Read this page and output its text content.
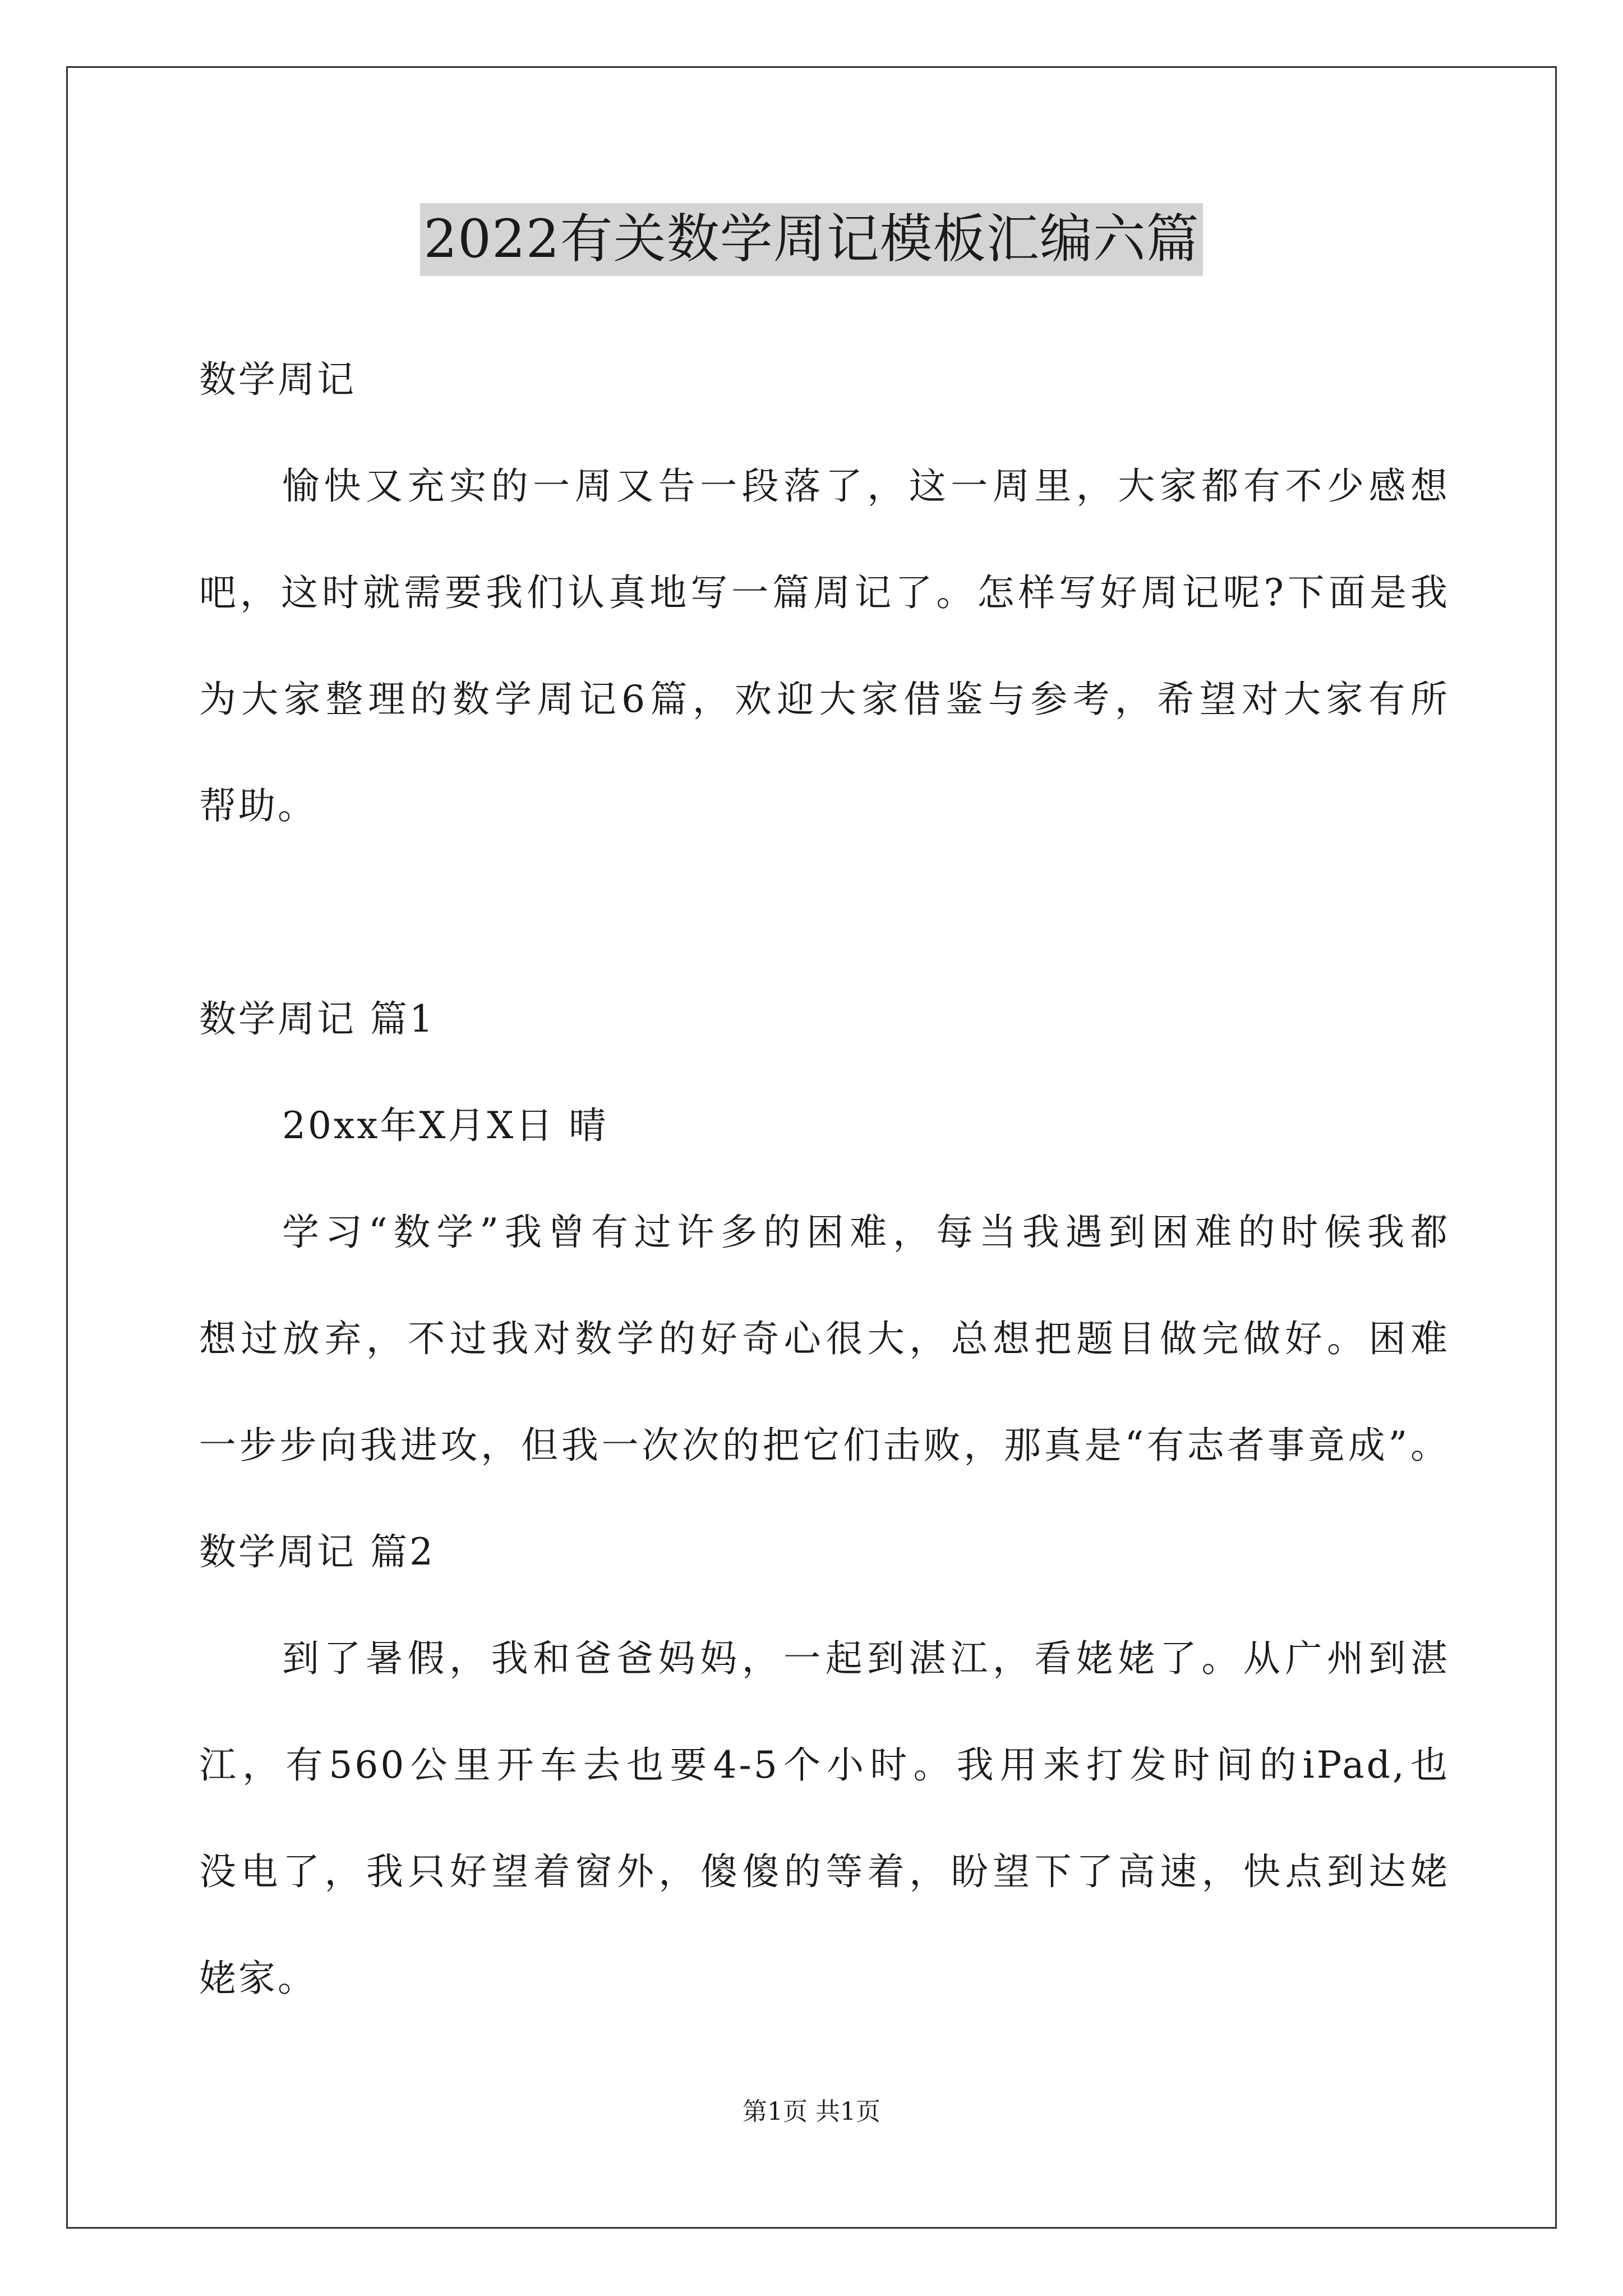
2022有关数学周记模板汇编六篇
数学周记
愉快又充实的一周又告一段落了，这一周里，大家都有不少感想
吧，这时就需要我们认真地写一篇周记了。怎样写好周记呢?下面是我
为大家整理的数学周记6篇，欢迎大家借鉴与参考，希望对大家有所
帮助。
数学周记 篇1
20xx年X月X日 晴
学习“数学”我曾有过许多的困难，每当我遇到困难的时候我都
想过放弃，不过我对数学的好奇心很大，总想把题目做完做好。困难
一步步向我进攻，但我一次次的把它们击败，那真是“有志者事竟成”。
数学周记 篇2
到了暑假，我和爸爸妈妈，一起到湛江，看姥姥了。从广州到湛
江，有560公里开车去也要4-5个小时。我用来打发时间的iPad,也
没电了，我只好望着窗外，傻傻的等着，盼望下了高速，快点到达姥
姥家。
第1页 共1页
